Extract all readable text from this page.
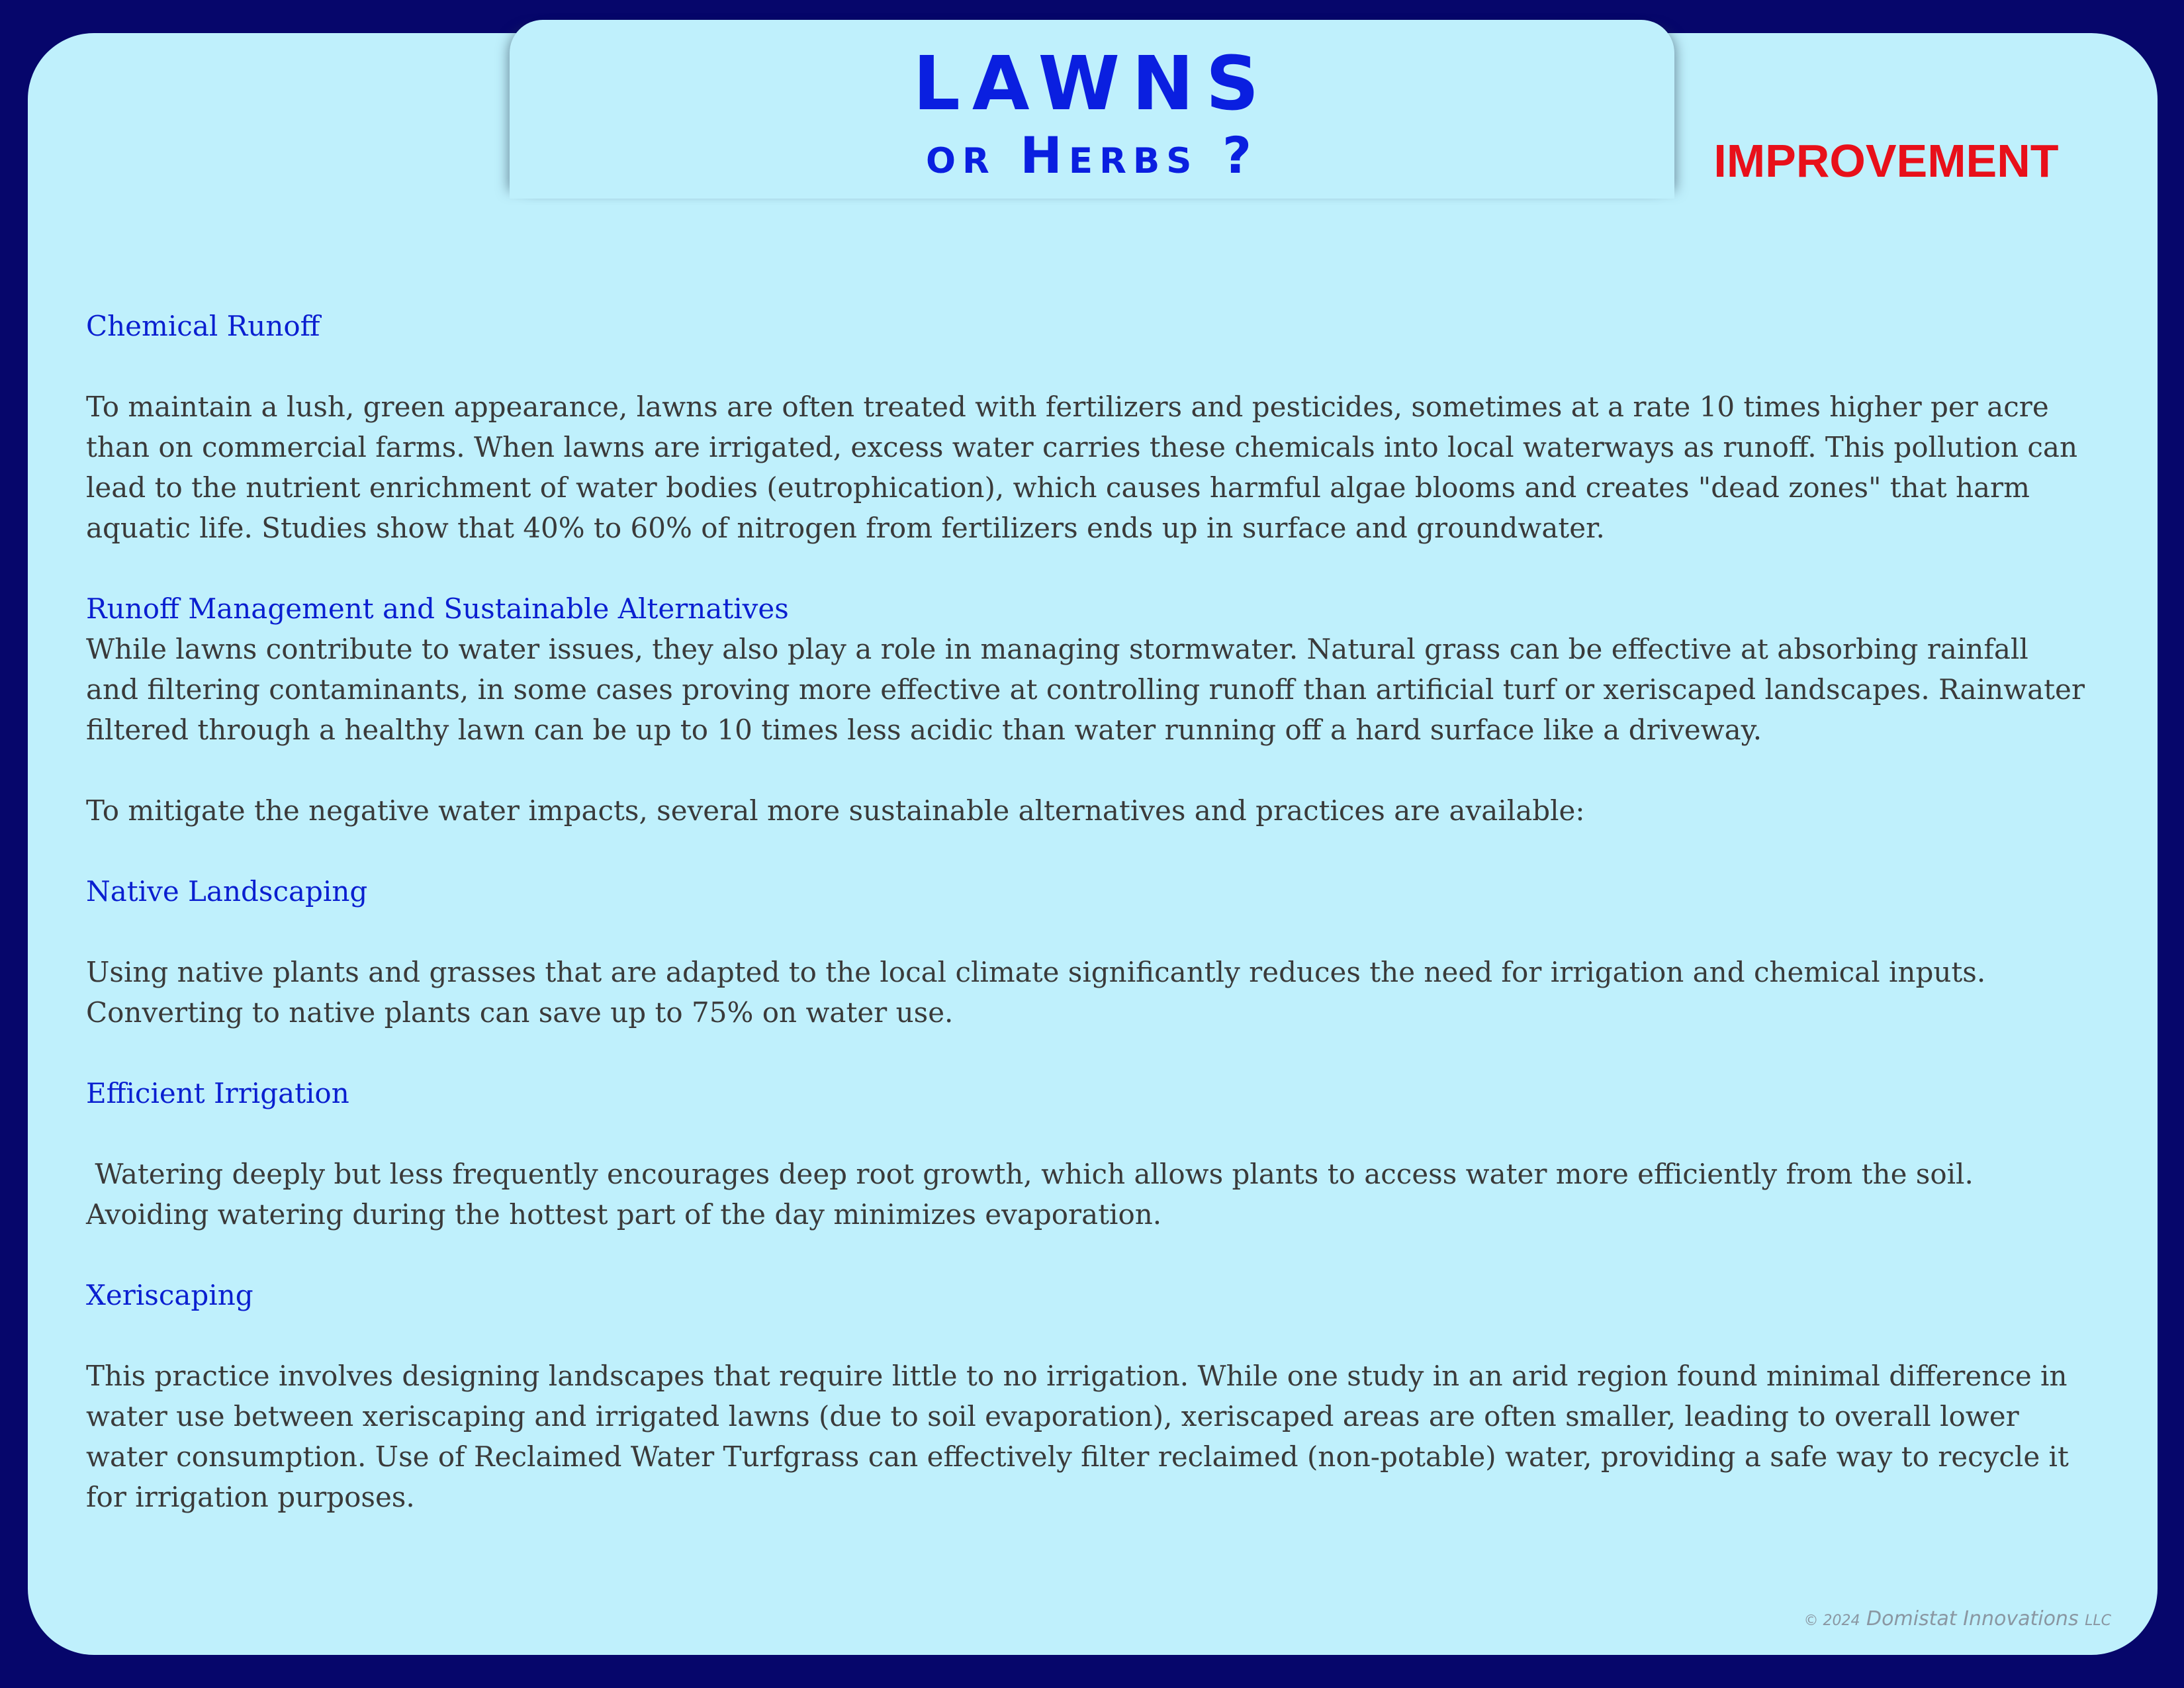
LAWNS
or Herbs ?	IMPROVEMENT

Chemical Runoff

To maintain a lush, green appearance, lawns are often treated with fertilizers and pesticides, sometimes at a rate 10 times higher per acre than on commercial farms. When lawns are irrigated, excess water carries these chemicals into local waterways as runoff. This pollution can lead to the nutrient enrichment of water bodies (eutrophication), which causes harmful algae blooms and creates "dead zones" that harm aquatic life. Studies show that 40% to 60% of nitrogen from fertilizers ends up in surface and groundwater.

Runoff Management and Sustainable Alternatives

While lawns contribute to water issues, they also play a role in managing stormwater. Natural grass can be effective at absorbing rainfall and filtering contaminants, in some cases proving more effective at controlling runoff than artificial turf or xeriscaped landscapes. Rainwater filtered through a healthy lawn can be up to 10 times less acidic than water running off a hard surface like a driveway.

To mitigate the negative water impacts, several more sustainable alternatives and practices are available:

Native Landscaping

Using native plants and grasses that are adapted to the local climate significantly reduces the need for irrigation and chemical inputs. Converting to native plants can save up to 75% on water use.

Efficient Irrigation

Watering deeply but less frequently encourages deep root growth, which allows plants to access water more efficiently from the soil. Avoiding watering during the hottest part of the day minimizes evaporation.

Xeriscaping

This practice involves designing landscapes that require little to no irrigation. While one study in an arid region found minimal difference in water use between xeriscaping and irrigated lawns (due to soil evaporation), xeriscaped areas are often smaller, leading to overall lower water consumption. Use of Reclaimed Water Turfgrass can effectively filter reclaimed (non-potable) water, providing a safe way to recycle it for irrigation purposes.

© 2024 Domistat Innovations LLC
